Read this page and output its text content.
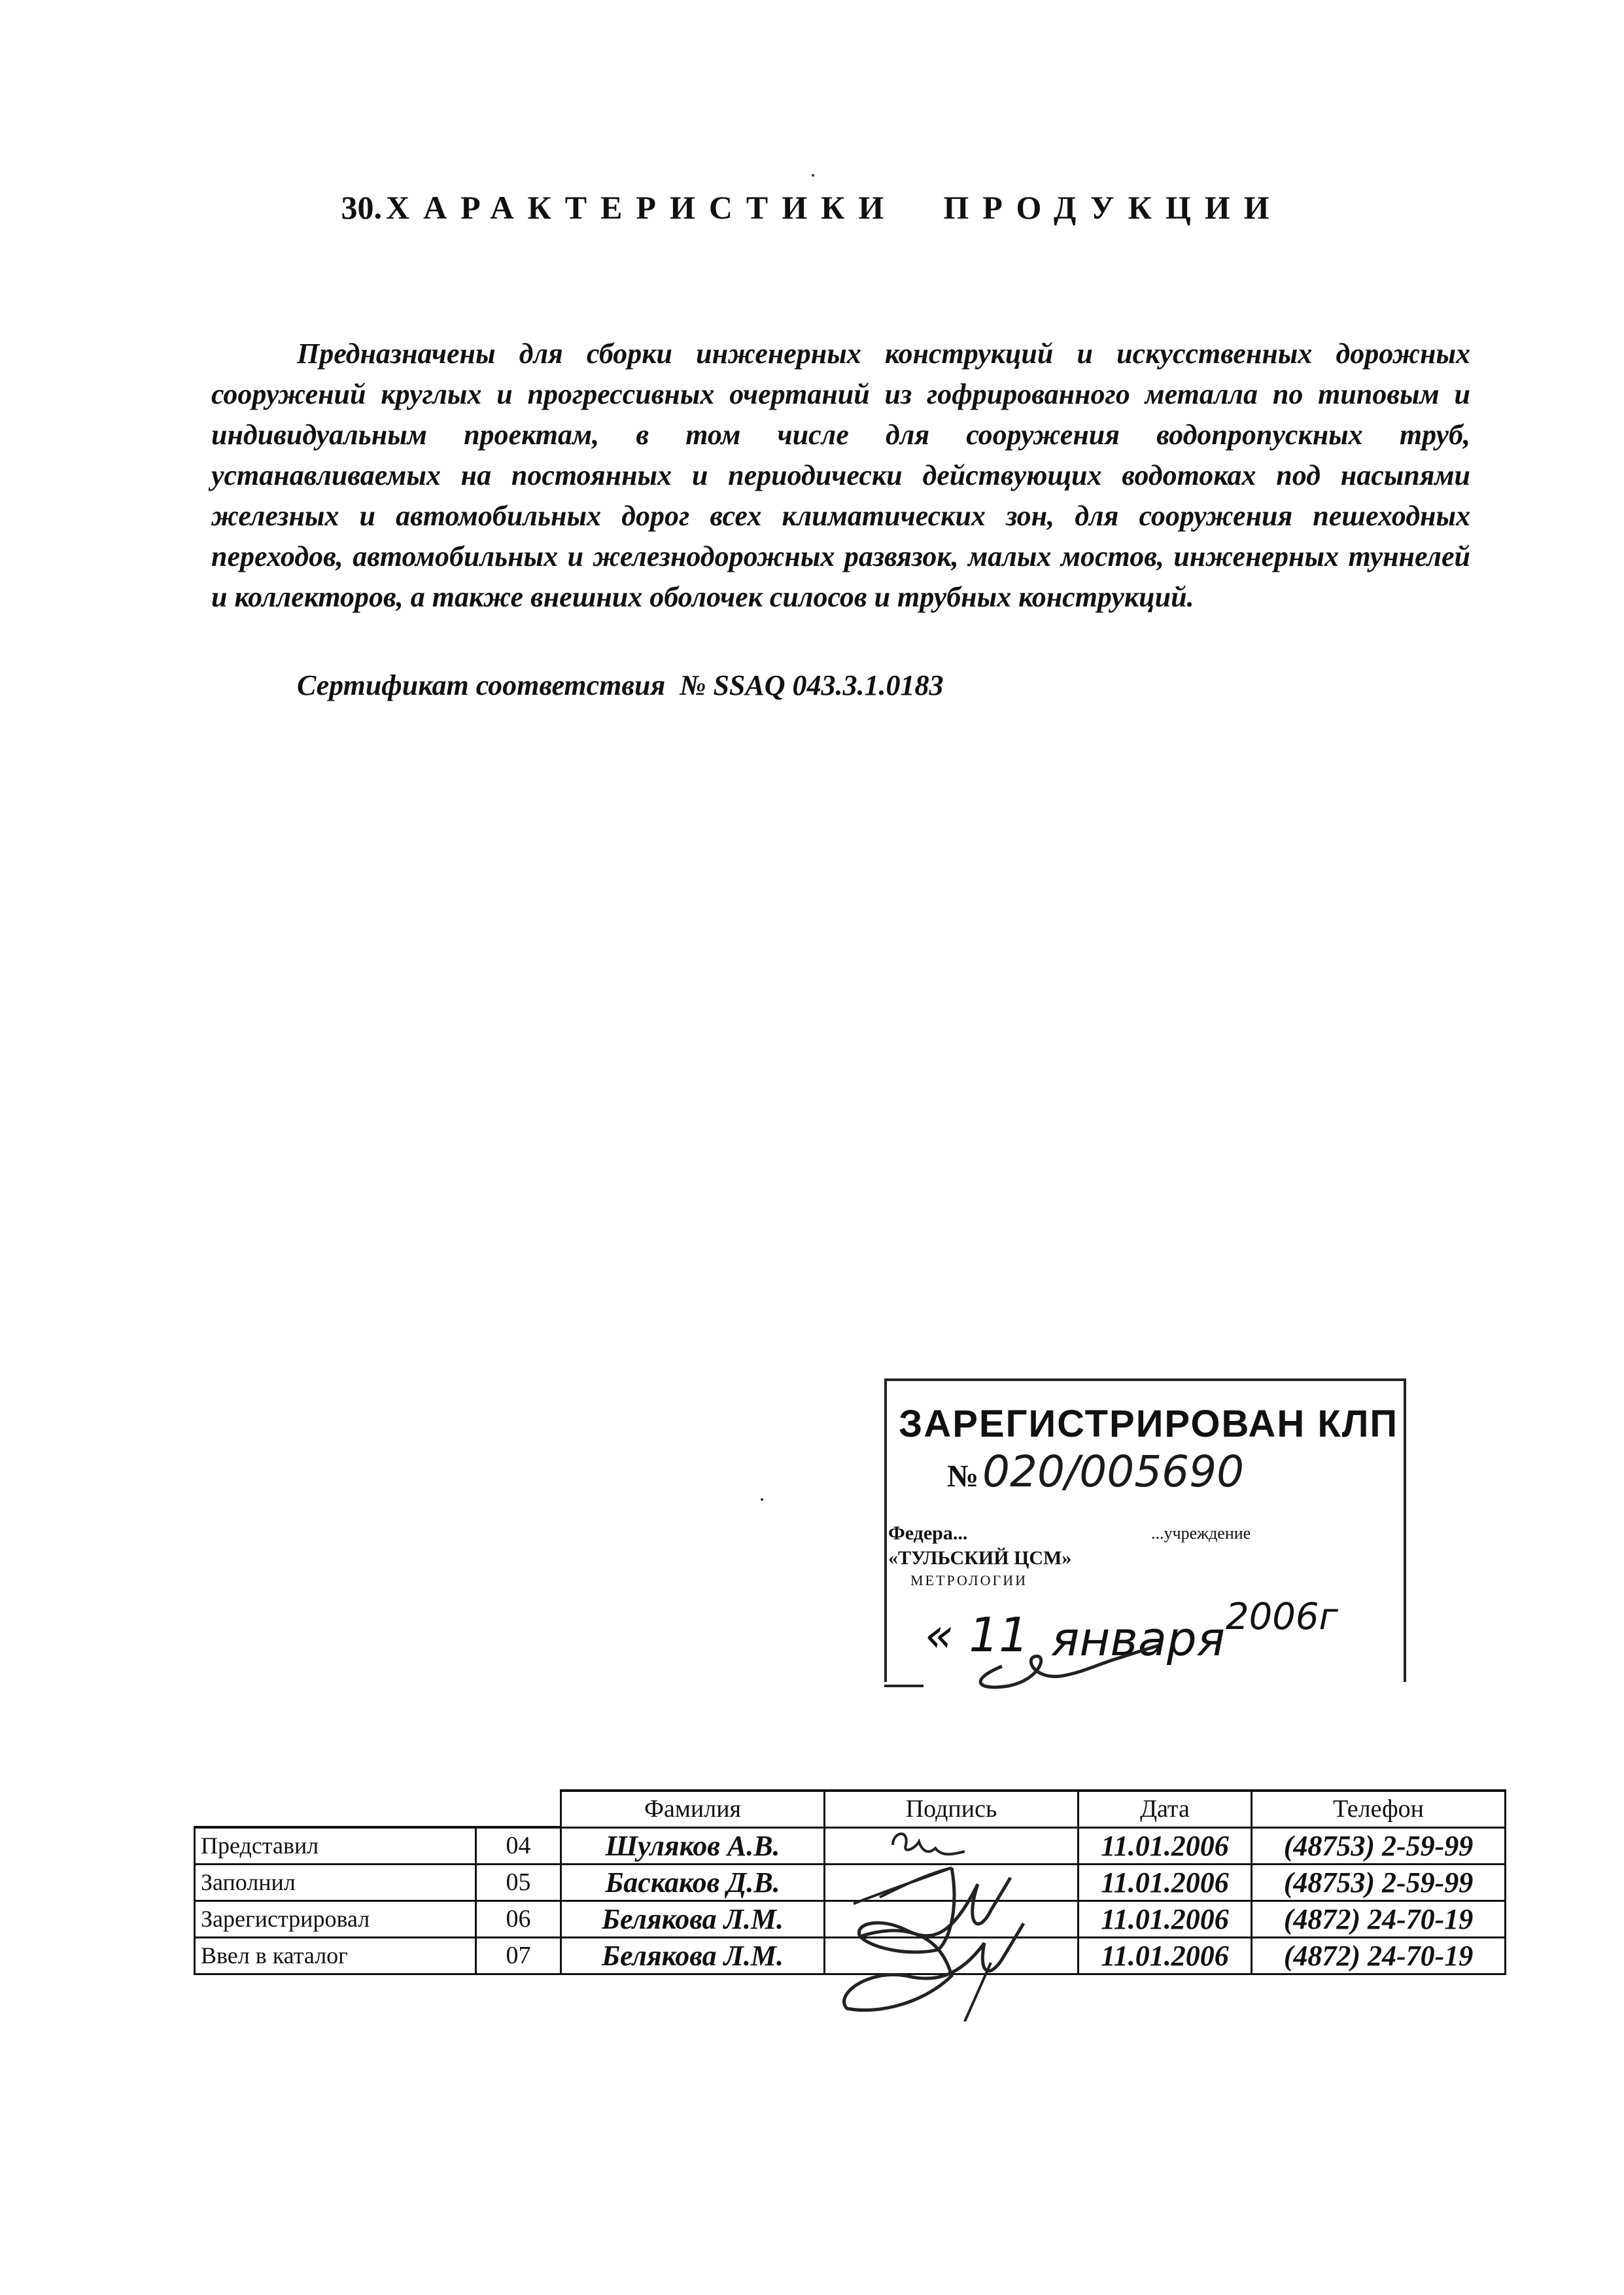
30. ХАРАКТЕРИСТИКИ ПРОДУКЦИИ
Предназначены для сборки инженерных конструкций и искусственных дорожных сооружений круглых и прогрессивных очертаний из гофрированного металла по типовым и индивидуальным проектам, в том числе для сооружения водопропускных труб, устанавливаемых на постоянных и периодически действующих водотоках под насыпями железных и автомобильных дорог всех климатических зон, для сооружения пешеходных переходов, автомобильных и железнодорожных развязок, малых мостов, инженерных туннелей и коллекторов, а также внешних оболочек силосов и трубных конструкций.
Сертификат соответствия № SSAQ 043.3.1.0183
ЗАРЕГИСТРИРОВАН КЛП
№ 020/005690
Федера...	...учреждение
«ТУЛЬСКИЙ ЦСМ»
МЕТРОЛОГИИ
« 11 января 2006г
		Фамилия	Подпись	Дата	Телефон
Представил	04	Шуляков А.В.		11.01.2006	(48753) 2-59-99
Заполнил	05	Баскаков Д.В.		11.01.2006	(48753) 2-59-99
Зарегистрировал	06	Белякова Л.М.		11.01.2006	(4872) 24-70-19
Ввел в каталог	07	Белякова Л.М.		11.01.2006	(4872) 24-70-19
